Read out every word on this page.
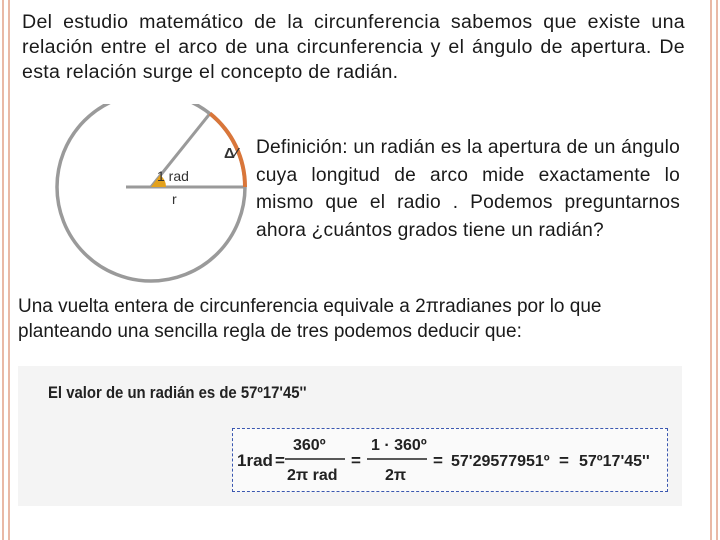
Del estudio matemático de la circunferencia sabemos que existe una relación entre el arco de una circunferencia y el ángulo de apertura. De esta relación surge el concepto de radián.

1 rad
r
Δ⁄ Definición: un radián es la apertura de un ángulo cuya longitud de arco mide exactamente lo mismo que el radio . Podemos preguntarnos ahora ¿cuántos grados tiene un radián?

Una vuelta entera de circunferencia equivale a 2πradianes por lo que planteando una sencilla regla de tres podemos deducir que:

El valor de un radián es de 57º17'45''
1rad =
360º
2π rad
=
1 · 360º
2π
= 57'29577951º = 57º17'45''
